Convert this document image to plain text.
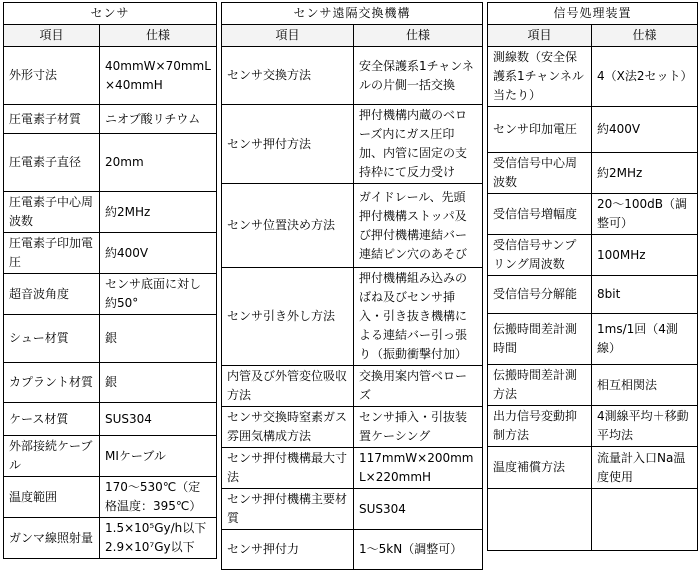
センサ	
項目	仕様
外形寸法	40mmW×70mmL×40mmH
圧電素子材質	ニオブ酸リチウム
圧電素子直径	20mm
圧電素子中心周波数	約2MHz
圧電素子印加電圧	約400V
超音波角度	センサ底面に対し約50°
シュー材質	銀
カプラント材質	銀
ケース材質	SUS304
外部接続ケーブル	MIケーブル
温度範囲	170～530℃（定格温度：395℃）
ガンマ線照射量	1.5×10⁵Gy/h以下 2.9×10⁷Gy以下
センサ遠隔交換機構	
項目	仕様
センサ交換方法	安全保護系1チャンネルの片側一括交換
センサ押付方法	押付機構内蔵のベローズ内にガス圧印加、内管に固定の支持枠にて反力受け
センサ位置決め方法	ガイドレール、先頭押付機構ストッパ及び押付機構連結バー連結ピン穴のあそび
センサ引き外し方法	押付機構組み込みのばね及びセンサ挿入・引き抜き機構による連結バー引っ張り（振動衝撃付加）
内管及び外管変位吸収方法	交換用案内管ベローズ
センサ交換時窒素ガス雰囲気構成方法	センサ挿入・引抜装置ケーシング
センサ押付機構最大寸法	117mmW×200mmL×220mmH
センサ押付機構主要材質	SUS304
センサ押付力	1～5kN（調整可）
信号処理装置	
項目	仕様
測線数（安全保護系1チャンネル当たり）	4（X法2セット）
センサ印加電圧	約400V
受信信号中心周波数	約2MHz
受信信号増幅度	20～100dB（調整可）
受信信号サンプリング周波数	100MHz
受信信号分解能	8bit
伝搬時間差計測時間	1ms/1回（4測線）
伝搬時間差計測方法	相互相関法
出力信号変動抑制方法	4測線平均＋移動平均法
温度補償方法	流量計入口Na温度使用
